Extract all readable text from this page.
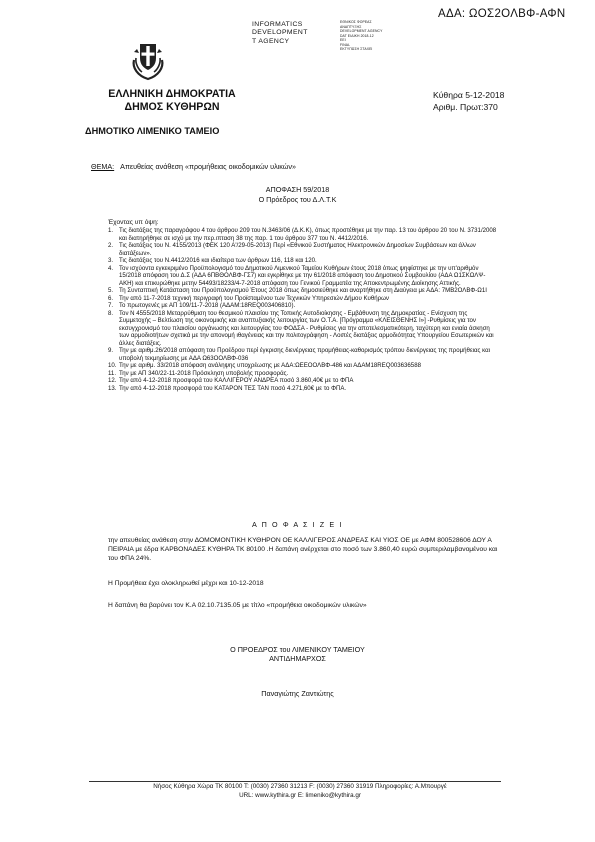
ΑΔΑ: ΩΟΣ2ΟΛΒΦ-ΑΦΝ
INFORMATICS
DEVELOPMENT
T AGENCY
ΕΘΝΙΚΟΣ ΦΟΡΕΑΣ
ΑΝΑΠΤΥΞΗΣ
DEVELOPMENT AGENCY
DAT ΕΙΔΙΚΗ 2018-12
ΕΕΙ
FINAL
ΕΚΤΥΠΩΣΗ ΣΤΑΧΕΙ
ΕΛΛΗΝΙΚΗ ΔΗΜΟΚΡΑΤΙΑ
ΔΗΜΟΣ ΚΥΘΗΡΩΝ
ΔΗΜΟΤΙΚΟ ΛΙΜΕΝΙΚΟ ΤΑΜΕΙΟ
Κύθηρα 5-12-2018
Αριθμ. Πρωτ:370
ΘΕΜΑ: Απευθείας ανάθεση «προμήθειας οικοδομικών υλικών»
ΑΠΟΦΑΣΗ 59/2018
Ο Πρόεδρος του Δ.Λ.Τ.Κ
Έχοντας υπ όψη:
1. Τις διατάξεις της παραγράφου 4 του άρθρου 209 του Ν.3463/06 (Δ.Κ.Κ), όπως προστέθηκε με την παρ. 13 του άρθρου 20 του Ν. 3731/2008 και διατηρήθηκε σε ισχύ με την περ.ιπταση 38 της παρ. 1 του άρθρου 377 του Ν. 4412/2016.
2. Τις διατάξεις του Ν. 4155/2013 (ΦΕΚ 120 Α'/29-05-2013) Περί «Εθνικού Συστήματος Ηλεκτρονικών Δημοσίων Συμβάσεων και άλλων διατάξεων».
3. Τις διατάξεις του Ν.4412/2016 και ιδιαίτερα των άρθρων 116, 118 και 120.
4. Τον ισχύοντα εγκεκριμένο Προϋπολογισμό του Δημοτικού Λιμενικού Ταμείου Κυθήρων έτους 2018 όπως ψηφίστηκε με την υπ'αριθμόν 15/2018 απόφαση του Δ.Σ (ΑΔΑ 6ΠΒΘΟΛΒΦ-ΓΣ7) και εγκρίθηκε με την 61/2018 απόφαση του Δημοτικού Συμβουλίου (ΑΔΑ Ω1ΣΚΩΛΨ-ΑΚΗ) και επικυρώθηκε μετην 54493/18233/4-7-2018 απόφαση του Γενικού Γραμματέα της Αποκεντρωμένης Διοίκησης Αττικής.
5. Τη Συνταπτική Κατάσταση του Προϋπολογισμού Έτους 2018 όπως δημοσιεύθηκε και αναρτήθηκε στη Διαύγεια με ΑΔΑ: 7ΜΒ2ΟΛΒΦ-Ω1Ι
6. Την από 11-7-2018 τεχνική περιγραφή του Προϊσταμένου των Τεχνικών Υπηρεσιών Δήμου Κυθήρων
7. Το πρωτογενές με ΑΠ 109/11-7-2018 (ΑΔΑΜ:18REQ003406810).
8. Τον Ν 4555/2018 Μεταρρύθμιση του θεσμικού πλαισίου της Τοπικής Αυτοδιοίκησης - Εμβάθυνση της Δημοκρατίας - Ενίσχυση της Συμμετοχής – Βελτίωση της οικονομικής και αναπτυξιακής λειτουργίας των Ο.Τ.Α. [Πρόγραμμα «ΚΛΕΙΣΘΕΝΗΣ Ι»] -Ρυθμίσεις για τον εκσυγχρονισμό του πλαισίου οργάνωσης και λειτουργίας του ΦΟΔΣΑ - Ρυθμίσεις για την αποτελεσματικότερη, ταχύτερη και ενιαία άσκηση των αρμοδιοτήτων σχετικά με την απονομή ιθαγένειας και την πολιτογράφηση - Λοιπές διατάξεις αρμοδιότητας Υπουργείου Εσωτερικών και άλλες διατάξεις.
9. Την με αριθμ.26/2018 απόφαση του Προέδρου περί έγκρισης διενέργειας προμήθειας-καθορισμός τρόπου διενέργειας της προμήθειας και υποβολή τεκμηρίωσης με ΑΔΑ Ω63ΟΟΛΒΦ-036
10. Την με αριθμ. 33/2018 απόφαση ανάληψης υποχρέωσης με ΑΔΑ:ΩΕΕΟΟΛΒΦ-486 και ΑΔΑΜ18REQ003636588
11. Την με ΑΠ 340/22-11-2018 Πρόσκληση υποβολής προσφοράς.
12. Την από 4-12-2018 προσφορά του ΚΑΛΛΙΓΕΡΟΥ ΑΝΔΡΕΑ ποσό 3.860,40€ με το ΦΠΑ
13. Την από 4-12-2018 προσφορά του ΚΑΤΑΡΟΝ ΤΕΣ ΤΑΝ ποσό 4.271,60€ με το ΦΠΑ.
Α Π Ο Φ Α Σ Ι Ζ Ε Ι
την απευθείας ανάθεση στην ΔΟΜΟΜΟΝΤΙΚΗ ΚΥΘΗΡΟΝ ΟΕ ΚΑΛΛΙΓΕΡΟΣ ΑΝΔΡΕΑΣ ΚΑΙ ΥΙΟΣ ΟΕ με ΑΦΜ 800528606 ΔΟΥ Α ΠΕΙΡΑΙΑ με έδρα ΚΑΡΒΟΝΑΔΕΣ ΚΥΘΗΡΑ ΤΚ 80100 .Η δαπάνη ανέρχεται στο ποσό των 3.860,40 ευρώ συμπεριλαμβανομένου και του ΦΠΑ 24%.
Η Προμήθεια έχει ολοκληρωθεί μέχρι και 10-12-2018
Η δαπάνη θα βαρύνει τον Κ.Α 02.10.7135.05 με τίτλο «προμήθεια οικοδομικών υλικών»
Ο ΠΡΟΕΔΡΟΣ του ΛΙΜΕΝΙΚΟΥ ΤΑΜΕΙΟΥ
ΑΝΤΙΔΗΜΑΡΧΟΣ
Παναγιώτης Ζαντιώτης
Νήσος Κύθηρα Χώρα ΤΚ 80100 Τ: (0030) 27360 31213 F: (0030) 27360 31919 Πληροφορίες: Α.Μπουργέ
URL: www.kythira.gr E: limeniko@kythira.gr
